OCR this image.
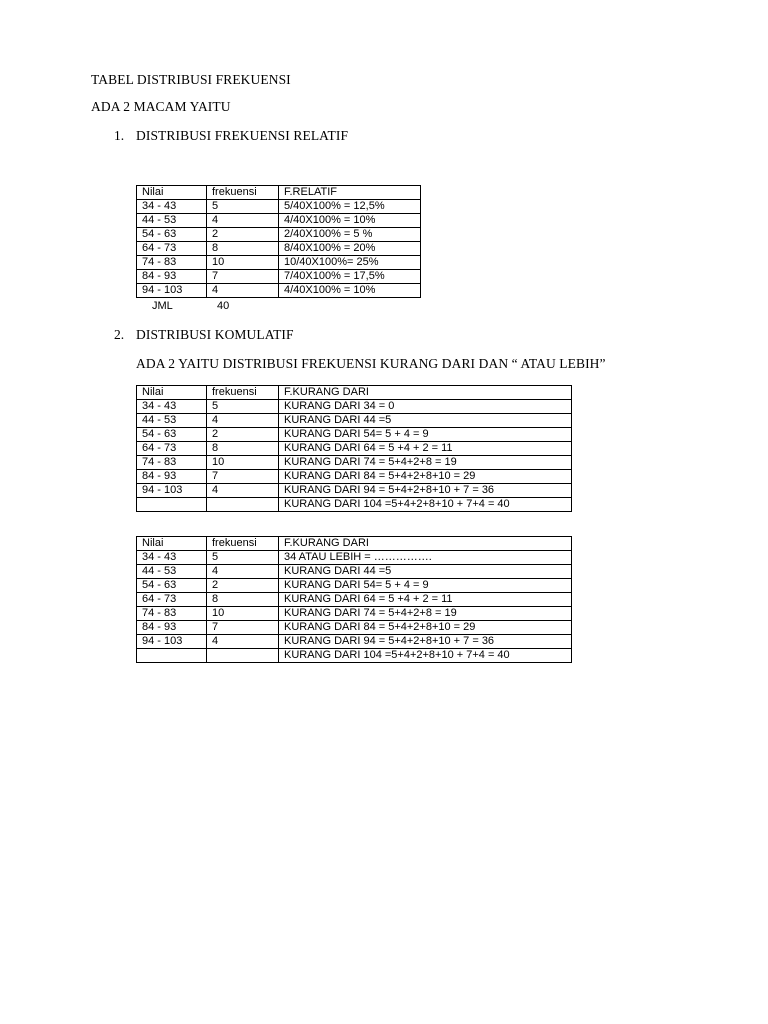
TABEL DISTRIBUSI FREKUENSI
ADA 2 MACAM YAITU
1. DISTRIBUSI FREKUENSI RELATIF
Nilai	frekuensi	F.RELATIF
34 - 43	5	5/40X100% = 12,5%
44 - 53	4	4/40X100% = 10%
54 - 63	2	2/40X100% = 5 %
64 - 73	8	8/40X100% = 20%
74 - 83	10	10/40X100%= 25%
84 - 93	7	7/40X100% = 17,5%
94 - 103	4	4/40X100% = 10%
JML	40
2. DISTRIBUSI KOMULATIF
ADA 2 YAITU DISTRIBUSI FREKUENSI KURANG DARI DAN “ ATAU LEBIH”
Nilai	frekuensi	F.KURANG DARI
34 - 43	5	KURANG DARI 34 = 0
44 - 53	4	KURANG DARI 44 =5
54 - 63	2	KURANG DARI 54= 5 + 4 = 9
64 - 73	8	KURANG DARI 64 = 5 +4 + 2 = 11
74 - 83	10	KURANG DARI 74 = 5+4+2+8 = 19
84 - 93	7	KURANG DARI 84 = 5+4+2+8+10 = 29
94 - 103	4	KURANG DARI 94 = 5+4+2+8+10 + 7 = 36
		KURANG DARI 104 =5+4+2+8+10 + 7+4 = 40
Nilai	frekuensi	F.KURANG DARI
34 - 43	5	34 ATAU LEBIH = …………….
44 - 53	4	KURANG DARI 44 =5
54 - 63	2	KURANG DARI 54= 5 + 4 = 9
64 - 73	8	KURANG DARI 64 = 5 +4 + 2 = 11
74 - 83	10	KURANG DARI 74 = 5+4+2+8 = 19
84 - 93	7	KURANG DARI 84 = 5+4+2+8+10 = 29
94 - 103	4	KURANG DARI 94 = 5+4+2+8+10 + 7 = 36
		KURANG DARI 104 =5+4+2+8+10 + 7+4 = 40
